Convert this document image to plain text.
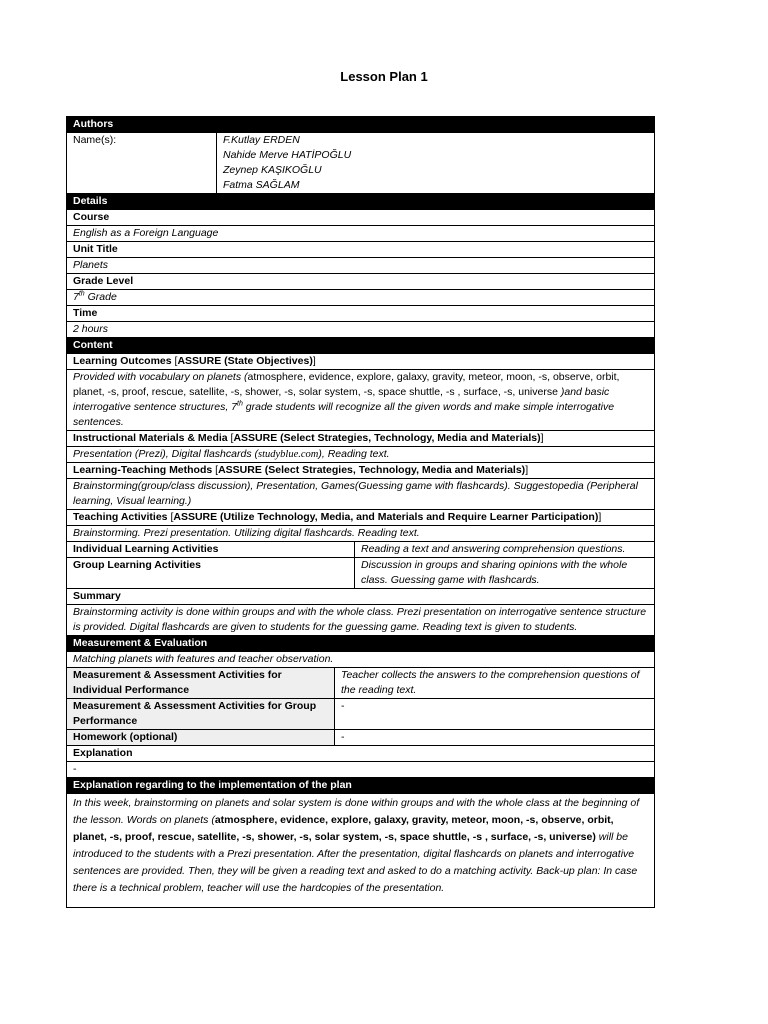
Lesson Plan 1
Authors			
Name(s):	F.Kutlay ERDEN
Nahide Merve HATİPOĞLU
Zeynep KAŞIKOĞLU
Fatma SAĞLAM		

Details			
Course			
English as a Foreign Language			
Unit Title			
Planets			
Grade Level			
7th Grade			
Time			
2 hours			
Content			
Learning Outcomes [ASSURE (State Objectives)]			
Provided with vocabulary on planets (atmosphere, evidence, explore, galaxy, gravity, meteor, moon, -s, observe, orbit, planet, -s, proof, rescue, satellite, -s, shower, -s, solar system, -s, space shuttle, -s , surface, -s, universe )and basic interrogative sentence structures, 7th grade students will recognize all the given words and make simple interrogative sentences.			
Instructional Materials & Media [ASSURE (Select Strategies, Technology, Media and Materials)]			
Presentation (Prezi), Digital flashcards (studyblue.com), Reading text.			
Learning-Teaching Methods [ASSURE (Select Strategies, Technology, Media and Materials)]			
Brainstorming(group/class discussion), Presentation, Games(Guessing game with flashcards). Suggestopedia (Peripheral learning, Visual learning.)			
Teaching Activities [ASSURE (Utilize Technology, Media, and Materials and Require Learner Participation)]			
Brainstorming. Prezi presentation. Utilizing digital flashcards. Reading text.			
Individual Learning Activities			Reading a text and answering comprehension questions.
Group Learning Activities			Discussion in groups and sharing opinions with the whole class. Guessing game with flashcards.
Summary			
Brainstorming activity is done within groups and with the whole class. Prezi presentation on interrogative sentence structure is provided. Digital flashcards are given to students for the guessing game. Reading text is given to students.			
Measurement & Evaluation			
Matching planets with features and teacher observation.			
Measurement & Assessment Activities for Individual Performance		Teacher collects the answers to the comprehension questions of the reading text.	
Measurement & Assessment Activities for Group Performance		-	
Homework (optional)		-	
Explanation			
-			
Explanation regarding to the implementation of the plan			
In this week, brainstorming on planets and solar system is done within groups and with the whole class at the beginning of the lesson. Words on planets (atmosphere, evidence, explore, galaxy, gravity, meteor, moon, -s, observe, orbit, planet, -s, proof, rescue, satellite, -s, shower, -s, solar system, -s, space shuttle, -s , surface, -s, universe) will be introduced to the students with a Prezi presentation. After the presentation, digital flashcards on planets and interrogative sentences are provided. Then, they will be given a reading text and asked to do a matching activity. Back-up plan: In case there is a technical problem, teacher will use the hardcopies of the presentation.			
